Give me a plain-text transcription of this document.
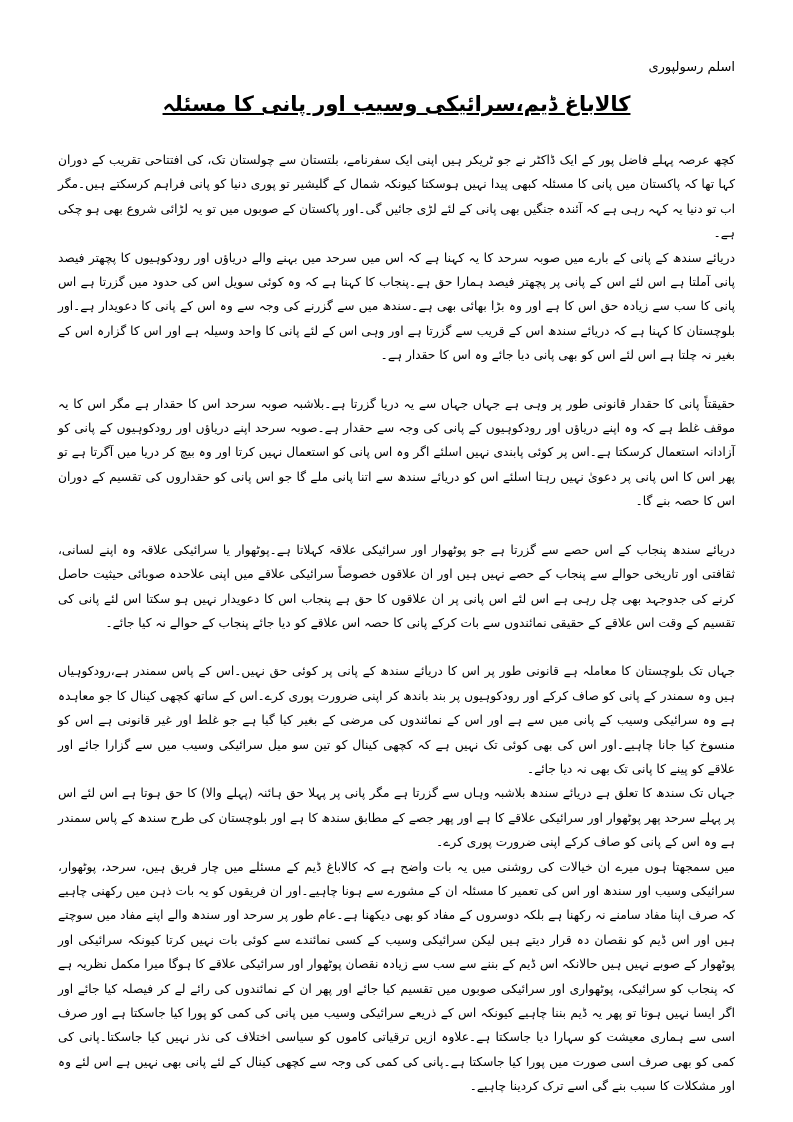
اسلم رسولپوری
کالاباغ ڈیم،سرائیکی وسیب اور پانی کا مسئلہ

کچھ عرصہ پہلے فاضل پور کے ایک ڈاکٹر نے جو ٹریکر ہیں اپنی ایک سفرنامے، بلتستان سے چولستان تک، کی افتتاحی تقریب کے دوران کہا تھا کہ پاکستان میں پانی کا مسئلہ کبھی پیدا نہیں ہوسکتا کیونکہ شمال کے گلیشیر تو پوری دنیا کو پانی فراہم کرسکتے ہیں۔مگر اب تو دنیا یہ کہہ رہی ہے کہ آئندہ جنگیں بھی پانی کے لئے لڑی جائیں گی۔اور پاکستان کے صوبوں میں تو یہ لڑائی شروع بھی ہو چکی ہے۔

دریائے سندھ کے پانی کے بارے میں صوبہ سرحد کا یہ کہنا ہے کہ اس میں سرحد میں بہنے والے دریاؤں اور رودکوہیوں کا پچھتر فیصد پانی آملتا ہے اس لئے اس کے پانی پر پچھتر فیصد ہمارا حق ہے۔پنجاب کا کہنا ہے کہ وہ کوئی سویل اس کی حدود میں گزرتا ہے اس پانی کا سب سے زیادہ حق اس کا ہے اور وہ بڑا بھائی بھی ہے۔سندھ میں سے گزرنے کی وجہ سے وہ اس کے پانی کا دعویدار ہے۔اور بلوچستان کا کہنا ہے کہ دریائے سندھ اس کے قریب سے گزرتا ہے اور وہی اس کے لئے پانی کا واحد وسیلہ ہے اور اس کا گزارہ اس کے بغیر نہ چلتا ہے اس لئے اس کو بھی پانی دیا جائے وہ اس کا حقدار ہے۔

حقیقتاً پانی کا حقدار قانونی طور پر وہی ہے جہاں جہاں سے یہ دریا گزرتا ہے۔بلاشبہ صوبہ سرحد اس کا حقدار ہے مگر اس کا یہ موقف غلط ہے کہ وہ اپنے دریاؤں اور رودکوہیوں کے پانی کی وجہ سے حقدار ہے۔صوبہ سرحد اپنے دریاؤں اور رودکوہیوں کے پانی کو آزادانہ استعمال کرسکتا ہے۔اس پر کوئی پابندی نہیں اسلئے اگر وہ اس پانی کو استعمال نہیں کرتا اور وہ بیچ کر دریا میں آگرتا ہے تو پھر اس کا اس پانی پر دعویٰ نہیں رہتا اسلئے اس کو دریائے سندھ سے اتنا پانی ملے گا جو اس پانی کو حقداروں کی تقسیم کے دوران اس کا حصہ بنے گا۔

دریائے سندھ پنجاب کے اس حصے سے گزرتا ہے جو پوٹھوار اور سرائیکی علاقہ کہلاتا ہے۔پوٹھوار یا سرائیکی علاقہ وہ اپنے لسانی، ثقافتی اور تاریخی حوالے سے پنجاب کے حصے نہیں ہیں اور ان علاقوں خصوصاً سرائیکی علاقے میں اپنی علاحدہ صوبائی حیثیت حاصل کرنے کی جدوجہد بھی چل رہی ہے اس لئے اس پانی پر ان علاقوں کا حق ہے پنجاب اس کا دعویدار نہیں ہو سکتا اس لئے پانی کی تقسیم کے وقت اس علاقے کے حقیقی نمائندوں سے بات کرکے پانی کا حصہ اس علاقے کو دیا جائے پنجاب کے حوالے نہ کیا جائے۔

جہاں تک بلوچستان کا معاملہ ہے قانونی طور پر اس کا دریائے سندھ کے پانی پر کوئی حق نہیں۔اس کے پاس سمندر ہے،رودکوہیاں ہیں وہ سمندر کے پانی کو صاف کرکے اور رودکوہیوں پر بند باندھ کر اپنی ضرورت پوری کرے۔اس کے ساتھ کچھی کینال کا جو معاہدہ ہے وہ سرائیکی وسیب کے پانی میں سے ہے اور اس کے نمائندوں کی مرضی کے بغیر کیا گیا ہے جو غلط اور غیر قانونی ہے اس کو منسوخ کیا جانا چاہیے۔اور اس کی بھی کوئی تک نہیں ہے کہ کچھی کینال کو تین سو میل سرائیکی وسیب میں سے گزارا جائے اور علاقے کو پینے کا پانی تک بھی نہ دیا جائے۔

جہاں تک سندھ کا تعلق ہے دریائے سندھ بلاشبہ وہاں سے گزرتا ہے مگر پانی پر پہلا حق ہائنہ (پہلے والا) کا حق ہوتا ہے اس لئے اس پر پہلے سرحد پھر پوٹھوار اور سرائیکی علاقے کا ہے اور پھر جصے کے مطابق سندھ کا ہے اور بلوچستان کی طرح سندھ کے پاس سمندر ہے وہ اس کے پانی کو صاف کرکے اپنی ضرورت پوری کرے۔

میں سمجھتا ہوں میرے ان خیالات کی روشنی میں یہ بات واضح ہے کہ کالاباغ ڈیم کے مسئلے میں چار فریق ہیں، سرحد، پوٹھوار، سرائیکی وسیب اور سندھ اور اس کی تعمیر کا مسئلہ ان کے مشورے سے ہونا چاہیے۔اور ان فریقوں کو یہ بات ذہن میں رکھنی چاہیے کہ صرف اپنا مفاد سامنے نہ رکھنا ہے بلکہ دوسروں کے مفاد کو بھی دیکھنا ہے۔عام طور پر سرحد اور سندھ والے اپنے مفاد میں سوچتے ہیں اور اس ڈیم کو نقصان دہ قرار دیتے ہیں لیکن سرائیکی وسیب کے کسی نمائندے سے کوئی بات نہیں کرتا کیونکہ سرائیکی اور پوٹھوار کے صوبے نہیں ہیں حالانکہ اس ڈیم کے بننے سے سب سے زیادہ نقصان پوٹھوار اور سرائیکی علاقے کا ہوگا میرا مکمل نظریہ ہے کہ پنجاب کو سرائیکی، پوٹھواری اور سرائیکی صوبوں میں تقسیم کیا جائے اور پھر ان کے نمائندوں کی رائے لے کر فیصلہ کیا جائے اور اگر ایسا نہیں ہوتا تو پھر یہ ڈیم بننا چاہیے کیونکہ اس کے ذریعے سرائیکی وسیب میں پانی کی کمی کو پورا کیا جاسکتا ہے اور صرف اسی سے ہماری معیشت کو سہارا دیا جاسکتا ہے۔علاوہ ازیں ترقیاتی کاموں کو سیاسی اختلاف کی نذر نہیں کیا جاسکتا۔پانی کی کمی کو بھی صرف اسی صورت میں پورا کیا جاسکتا ہے۔پانی کی کمی کی وجہ سے کچھی کینال کے لئے پانی بھی نہیں ہے اس لئے وہ اور مشکلات کا سبب بنے گی اسے ترک کردینا چاہیے۔
